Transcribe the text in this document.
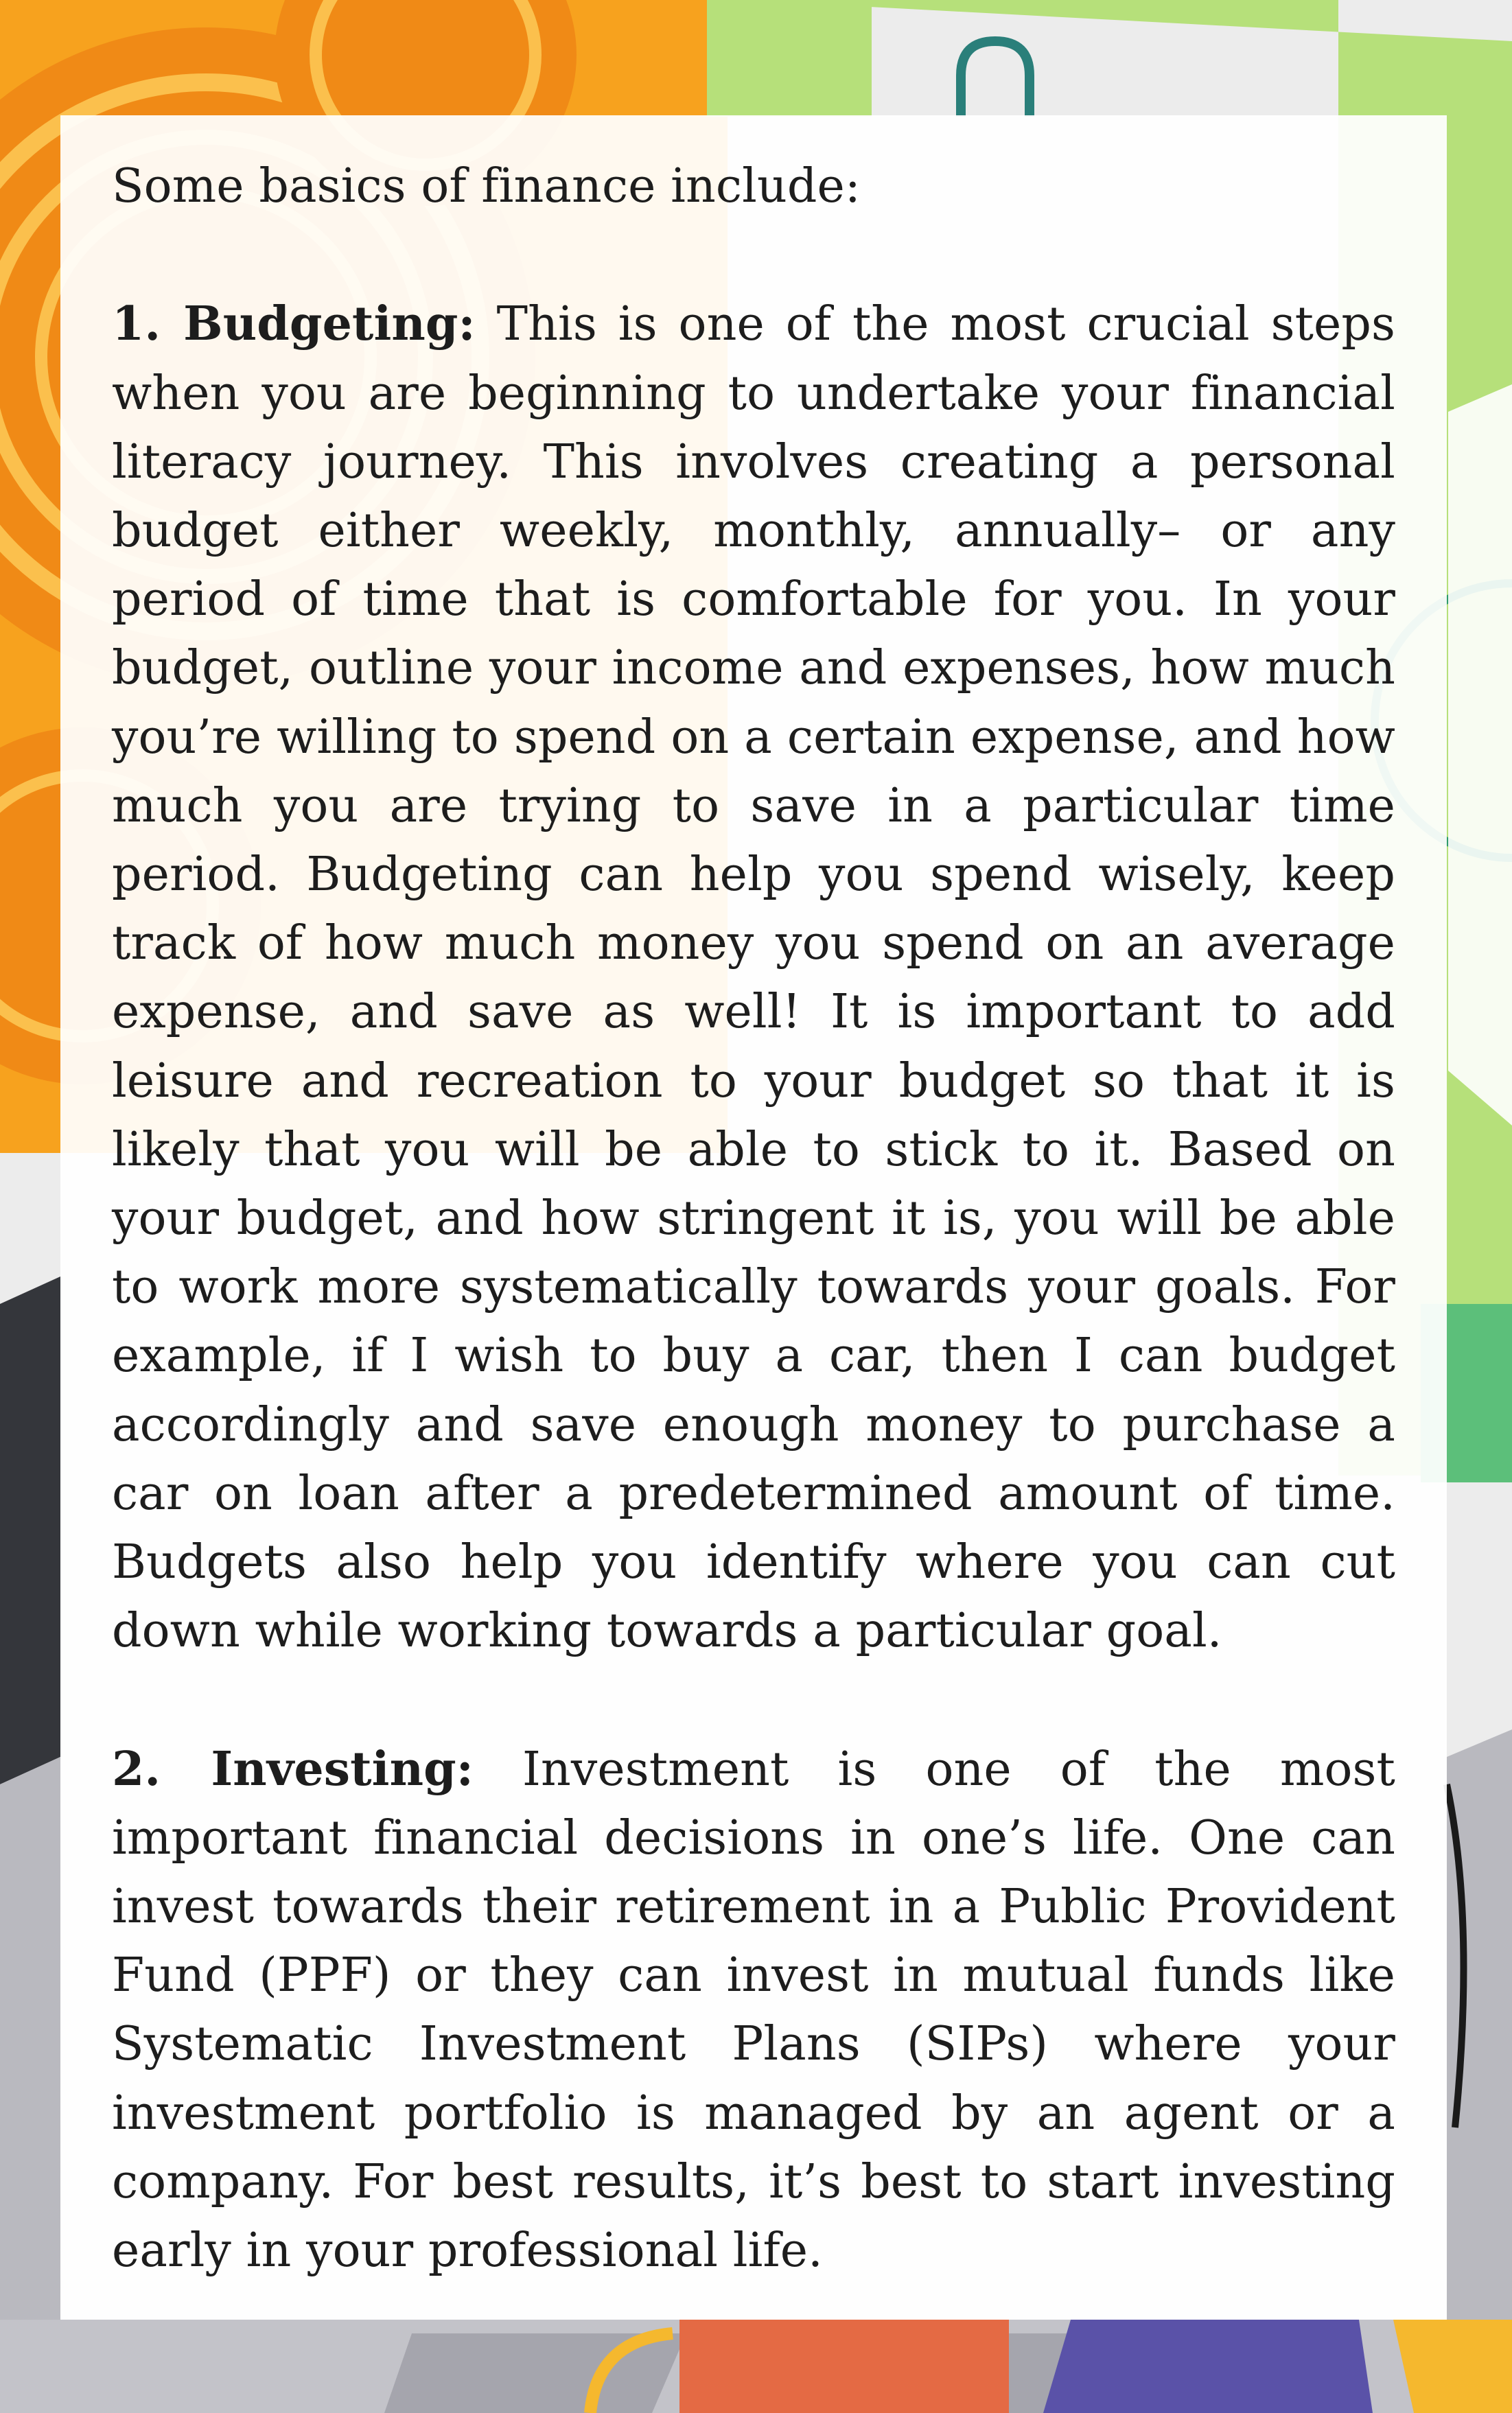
Some basics of finance include:

1. Budgeting: This is one of the most crucial steps when you are beginning to undertake your financial literacy journey. This involves creating a personal budget either weekly, monthly, annually– or any period of time that is comfortable for you. In your budget, outline your income and expenses, how much you’re willing to spend on a certain expense, and how much you are trying to save in a particular time period. Budgeting can help you spend wisely, keep track of how much money you spend on an average expense, and save as well! It is important to add leisure and recreation to your budget so that it is likely that you will be able to stick to it. Based on your budget, and how stringent it is, you will be able to work more systematically towards your goals. For example, if I wish to buy a car, then I can budget accordingly and save enough money to purchase a car on loan after a predetermined amount of time. Budgets also help you identify where you can cut down while working towards a particular goal.

2. Investing: Investment is one of the most important financial decisions in one’s life. One can invest towards their retirement in a Public Provident Fund (PPF) or they can invest in mutual funds like Systematic Investment Plans (SIPs) where your investment portfolio is managed by an agent or a company. For best results, it’s best to start investing early in your professional life.
